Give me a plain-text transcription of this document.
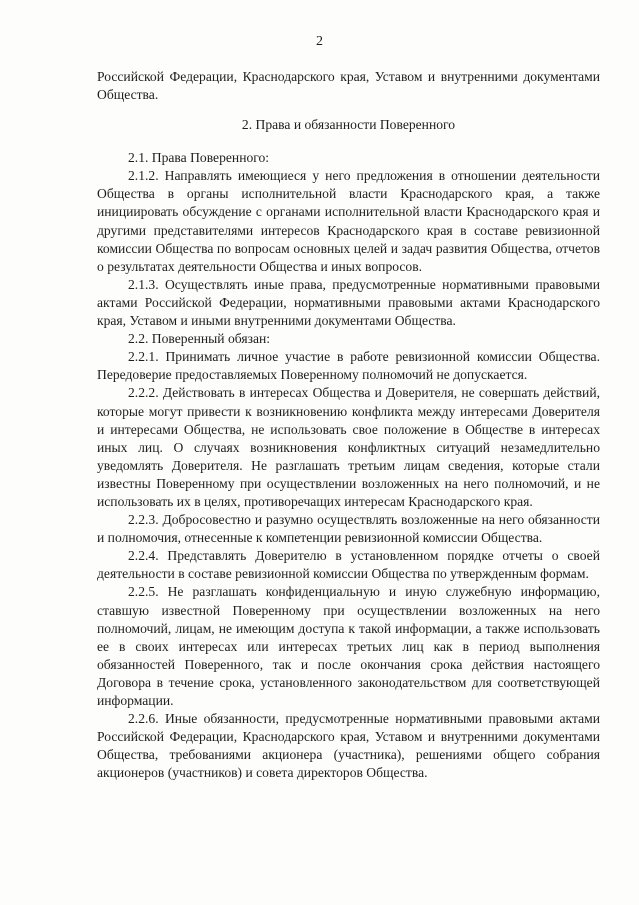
2

Российской Федерации, Краснодарского края, Уставом и внутренними документами Общества.

2. Права и обязанности Поверенного

2.1. Права Поверенного:

2.1.2. Направлять имеющиеся у него предложения в отношении деятельности Общества в органы исполнительной власти Краснодарского края, а также инициировать обсуждение с органами исполнительной власти Краснодарского края и другими представителями интересов Краснодарского края в составе ревизионной комиссии Общества по вопросам основных целей и задач развития Общества, отчетов о результатах деятельности Общества и иных вопросов.

2.1.3. Осуществлять иные права, предусмотренные нормативными правовыми актами Российской Федерации, нормативными правовыми актами Краснодарского края, Уставом и иными внутренними документами Общества.

2.2. Поверенный обязан:

2.2.1. Принимать личное участие в работе ревизионной комиссии Общества. Передоверие предоставляемых Поверенному полномочий не допускается.

2.2.2. Действовать в интересах Общества и Доверителя, не совершать действий, которые могут привести к возникновению конфликта между интересами Доверителя и интересами Общества, не использовать свое положение в Обществе в интересах иных лиц. О случаях возникновения конфликтных ситуаций незамедлительно уведомлять Доверителя. Не разглашать третьим лицам сведения, которые стали известны Поверенному при осуществлении возложенных на него полномочий, и не использовать их в целях, противоречащих интересам Краснодарского края.

2.2.3. Добросовестно и разумно осуществлять возложенные на него обязанности и полномочия, отнесенные к компетенции ревизионной комиссии Общества.

2.2.4. Представлять Доверителю в установленном порядке отчеты о своей деятельности в составе ревизионной комиссии Общества по утвержденным формам.

2.2.5. Не разглашать конфиденциальную и иную служебную информацию, ставшую известной Поверенному при осуществлении возложенных на него полномочий, лицам, не имеющим доступа к такой информации, а также использовать ее в своих интересах или интересах третьих лиц как в период выполнения обязанностей Поверенного, так и после окончания срока действия настоящего Договора в течение срока, установленного законодательством для соответствующей информации.

2.2.6. Иные обязанности, предусмотренные нормативными правовыми актами Российской Федерации, Краснодарского края, Уставом и внутренними документами Общества, требованиями акционера (участника), решениями общего собрания акционеров (участников) и совета директоров Общества.
